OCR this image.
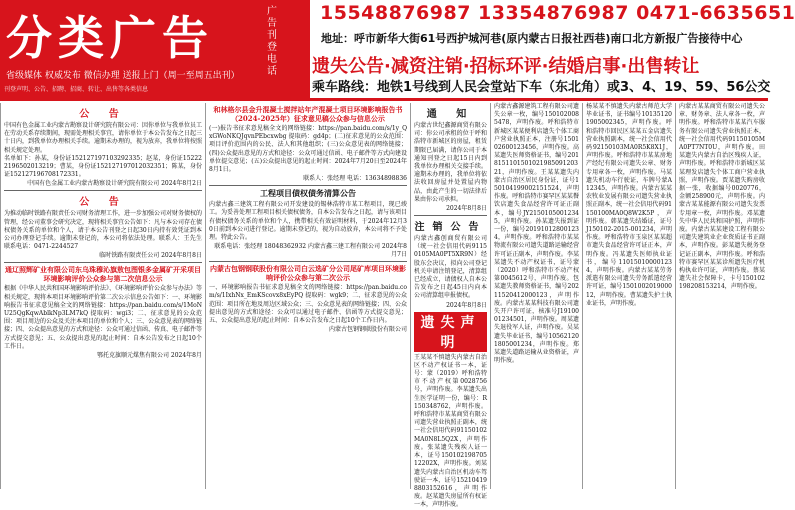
分类广告	广告刊登电话
省级媒体 权威发布 微信办理 送报上门（周一至周五出刊）
刊登声明、公告、招聘、招商、转让、出售等各类信息
15548876987 13354876987 0471-6635651
地址：呼市新华大街61号西护城河巷(原内蒙古日报社西巷)南口北方新报广告接待中心
遗失公告·减资注销·招标环评·结婚启事·出售转让
乘车路线：地铁1号线到人民会堂站下车（东北角）或3、4、19、59、56公交
公 告

中国有色金属工业内蒙古勘察设计研究院有限公司：因你单位与我单位员工在劳动关系存续期间，现需处理相关事宜，请你单位于本公告发布之日起三十日内，到我单位办理相关手续。逾期未办理的，视为放弃，我单位将按照相关规定处理。

名单如下：孙某，身份证152127197103292335；赵某，身份证152222196502013219；曹某，身份证152127197012032351；陈某，身份证152127196708172331。

中国有色金属工业内蒙古勘察设计研究院有限公司 2024年8月2日
公 告

为推动临时铁路有限责任公司财务清理工作，进一步加强公司对财务债权的管理，经公司董事会研究决定，现将相关事宜公告如下：凡与本公司存在债权债务关系的单位和个人，请于本公告刊登之日起30日内持有效凭证到本公司办理登记手续。逾期未登记的，本公司将依法处理。联系人：王先生 联系电话：0471-2244527

临时铁路有限责任公司 2024年8月8日
通辽照辉矿业有限公司东乌珠穆沁旗敖包图银多金属矿开采项目环境影响评价公众参与第二次信息公示

根据《中华人民共和国环境影响评价法》、《环境影响评价公众参与办法》等相关规定，现将本项目环境影响评价第二次公示信息公告如下：一、环境影响报告书征求意见稿全文的网络链接：https://pan.baidu.com/s/1MoNU25QgKqwAblkNp3LM7kQ 提取码：wgi3；二、征求意见的公众范围：项目周边的公众及关注本项目的单位和个人；三、公众意见表的网络链接；四、公众提出意见的方式和途径：公众可通过信函、传真、电子邮件等方式提交意见；五、公众提出意见的起止时间：自本公告发布之日起10个工作日。

鄂托克旗顺元煤焦有限公司 2024年8月
和林格尔县金升混凝土搅拌站年产混凝土项目环境影响报告书（2024-2025年）征求意见稿公众参与信息公示

(一)报告书征求意见稿全文的网络链接：https://pan.baidu.com/s/1y_QxGWoNKQJqvnPEbcxwbg 提取码：gd4p；(二)征求意见的公众范围：项目评价范围内的公民、法人和其他组织；(三)公众意见表的网络链接；(四)公众提出意见的方式和途径：公众可通过信函、电子邮件等方式向建设单位提交意见；(五)公众提出意见的起止时间：2024年7月20日至2024年8月1日。

联系人：张经理 电话：13634898836
工程项目债权债务清算公告

内蒙古鑫三建筑工程有限公司开发建设的锡林浩特市某工程项目，现已竣工。为妥善处理工程项目相关债权债务，自本公告发布之日起，请与该项目有债权债务关系的单位和个人，携带相关有效证明材料，于2024年12月30日前到本公司进行登记。逾期未登记的，视为自动放弃，本公司将不予处理。特此公告。

联系电话：张经理 18048362932 内蒙古鑫三建工程有限公司 2024年8月7日
内蒙古包钢钢联股份有限公司白云选矿分公司尾矿库项目环境影响评价公众参与第二次公示

一、环境影响报告书征求意见稿全文的网络链接：https://pan.baidu.com/s/1IxhNx_EmKScovx8xEyPQ 提取码：wgk9；二、征求意见的公众范围：项目所在地及周边区域公众；三、公众意见表的网络链接；四、公众提出意见的方式和途径：公众可以通过电子邮件、信函等方式提交意见；五、公众提出意见的起止时间：自本公告发布之日起10个工作日内。

内蒙古包钢钢联股份有限公司
通 知

内蒙古世纪鑫源商贸有限公司：你公司承租的位于呼和浩特市新城区的房屋，租赁期限已届满，请你公司于本通知刊登之日起15日内到我单位办理相关交接手续。逾期未办理的，我单位将依法收回房屋并处置屋内物品，由此产生的一切法律后果由你公司承担。

2024年8月8日
注销公告

内蒙古鑫创商贸有限公司（统一社会信用代码91150105MA0PT5XR9N）经股东会决议，拟向公司登记机关申请注销登记，清算组已经成立，请债权人自本公告发布之日起45日内向本公司清算组申报债权。

2024年8月8日
遗失声明

王某某不慎遗失内蒙古自治区不动产权证书一本，证号：蒙（2019）呼和浩特市不动产权第0028756号，声明作废。李某遗失出生医学证明一份，编号：R150348762，声明作废。呼和浩特市某某商贸有限公司遗失营业执照正副本，统一社会信用代码91150102MA0N8L5Q2X，声明作废。张某遗失残疾人证一本，证号15010219870512202X，声明作废。刘某遗失内蒙古自治区机动车驾驶证一本，证号152104198803152616，声明作废。赵某遗失房屋所有权证一本，声明作废。

内蒙古鑫源建筑工程有限公司遗失公章一枚，编号1501020085478，声明作废。呼和浩特市新城区某某便利店遗失个体工商户营业执照正本，注册号150102600123456，声明作废。高某遗失医师资格证书，编号201815110150102198509120321，声明作废。王某某遗失内蒙古自治区居民身份证，证号150104199002151524，声明作废。呼和浩特市赛罕区某某餐饮店遗失食品经营许可证正副本，编号JY21501050012345，声明作废。孙某遗失报到证一份，编号201910128001234，声明作废。呼和浩特市某某物流有限公司遗失道路运输经营许可证正副本，声明作废。李某某遗失不动产权证书，证号蒙（2020）呼和浩特市不动产权第0045612号，声明作废。包某遗失教师资格证书，编号20211520412000123，声明作废。内蒙古某某科技有限公司遗失开户许可证，核准号J1910001234501，声明作废。周某遗失退役军人证，声明作废。吴某遗失毕业证书，编号105621201805001234，声明作废。郑某遗失道路运输从业资格证，声明作废。

杨某某不慎遗失内蒙古师范大学毕业证书，证书编号101351201905002345，声明作废。呼和浩特市回民区某某五金店遗失营业执照副本，统一社会信用代码92150103MA0R5K8X1J，声明作废。呼和浩特市某某房地产经纪有限公司遗失公章、财务专用章各一枚，声明作废。马某遗失机动车行驶证，车牌号蒙A12345，声明作废。内蒙古某某农牧业发展有限公司遗失营业执照正副本，统一社会信用代码91150100MA0Q8W2K5P，声明作废。韩某遗失结婚证，证号J150102-2015-001234，声明作废。呼和浩特市玉泉区某某超市遗失食品经营许可证正本，声明作废。冯某遗失医师执业证书，编号110150100001234，声明作废。内蒙古某某劳务派遣有限公司遗失劳务派遣经营许可证，编号150100201900012，声明作废。曹某遗失护士执业证书，声明作废。

内蒙古某某商贸有限公司遗失公章、财务章、法人章各一枚，声明作废。呼和浩特市某某汽车服务有限公司遗失营业执照正本，统一社会信用代码91150105MA0PT7NT0U，声明作废。田某遗失内蒙古自治区残疾人证，声明作废。呼和浩特市新城区某某理发店遗失个体工商户营业执照，声明作废。贾某遗失购房收据一张，收据编号0020776，金额258900元，声明作废。内蒙古某某能源有限公司遗失发票专用章一枚，声明作废。邓某遗失中华人民共和国护照，声明作废。内蒙古某某建设工程有限公司遗失建筑业企业资质证书正副本，声明作废。彭某遗失税务登记证正副本，声明作废。呼和浩特市赛罕区某某诊所遗失医疗机构执业许可证，声明作废。蔡某遗失社会保障卡，卡号150102198208153214，声明作废。
